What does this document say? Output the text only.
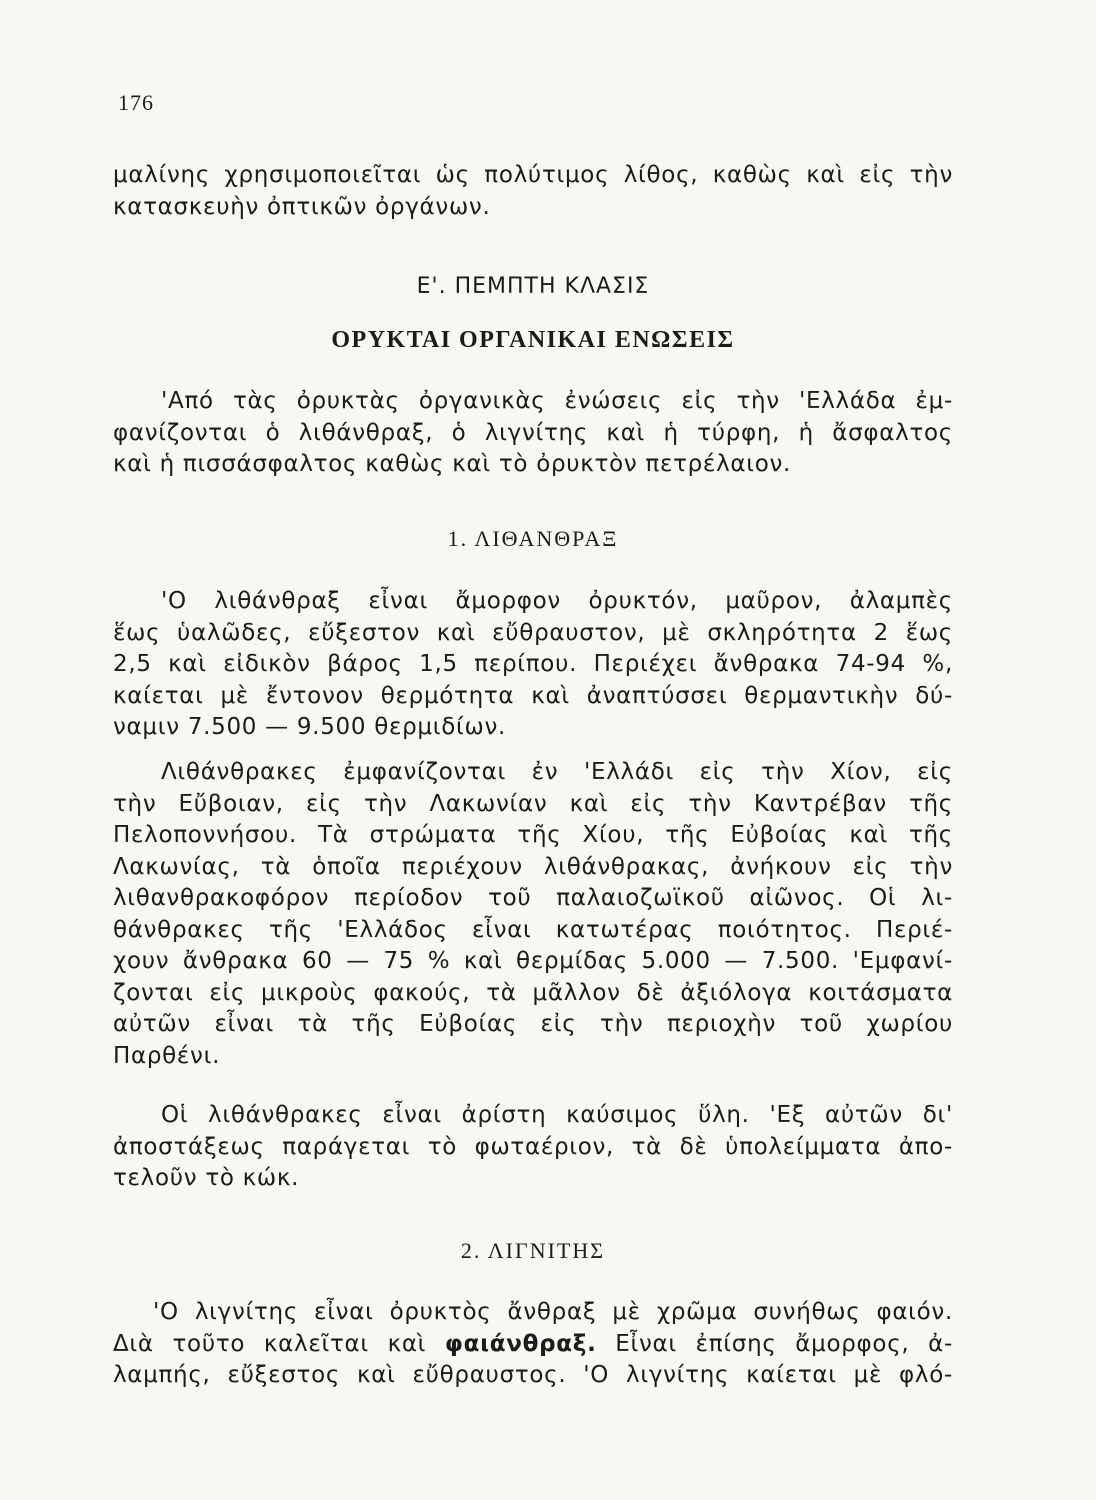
176

μαλίνης χρησιμοποιεῖται ὡς πολύτιμος λίθος, καθὼς καὶ εἰς τὴν
κατασκευὴν ὀπτικῶν ὀργάνων.

Ε'. ΠΕΜΠΤΗ ΚΛΑΣΙΣ
ΟΡΥΚΤΑΙ ΟΡΓΑΝΙΚΑΙ ΕΝΩΣΕΙΣ

'Από τὰς ὀρυκτὰς ὀργανικὰς ἐνώσεις εἰς τὴν 'Ελλάδα ἐμ-
φανίζονται ὁ λιθάνθραξ, ὁ λιγνίτης καὶ ἡ τύρφη, ἡ ἄσφαλτος
καὶ ἡ πισσάσφαλτος καθὼς καὶ τὸ ὀρυκτὸν πετρέλαιον.

1. ΛΙΘΑΝΘΡΑΞ

'Ο λιθάνθραξ εἶναι ἄμορφον ὀρυκτόν, μαῦρον, ἀλαμπὲς
ἕως ὑαλῶδες, εὔξεστον καὶ εὔθραυστον, μὲ σκληρότητα 2 ἕως
2,5 καὶ εἰδικὸν βάρος 1,5 περίπου. Περιέχει ἄνθρακα 74-94 %,
καίεται μὲ ἔντονον θερμότητα καὶ ἀναπτύσσει θερμαντικὴν δύ-
ναμιν 7.500 — 9.500 θερμιδίων.

Λιθάνθρακες ἐμφανίζονται ἐν 'Ελλάδι εἰς τὴν Χίον, εἰς
τὴν Εὔβοιαν, εἰς τὴν Λακωνίαν καὶ εἰς τὴν Καντρέβαν τῆς
Πελοποννήσου. Τὰ στρώματα τῆς Χίου, τῆς Εὐβοίας καὶ τῆς
Λακωνίας, τὰ ὁποῖα περιέχουν λιθάνθρακας, ἀνήκουν εἰς τὴν
λιθανθρακοφόρον περίοδον τοῦ παλαιοζωϊκοῦ αἰῶνος. Οἱ λι-
θάνθρακες τῆς 'Ελλάδος εἶναι κατωτέρας ποιότητος. Περιέ-
χουν ἄνθρακα 60 — 75 % καὶ θερμίδας 5.000 — 7.500. 'Εμφανί-
ζονται εἰς μικροὺς φακούς, τὰ μᾶλλον δὲ ἀξιόλογα κοιτάσματα
αὐτῶν εἶναι τὰ τῆς Εὐβοίας εἰς τὴν περιοχὴν τοῦ χωρίου
Παρθένι.

Οἱ λιθάνθρακες εἶναι ἀρίστη καύσιμος ὕλη. 'Εξ αὐτῶν δι'
ἀποστάξεως παράγεται τὸ φωταέριον, τὰ δὲ ὑπολείμματα ἀπο-
τελοῦν τὸ κώκ.

2. ΛΙΓΝΙΤΗΣ

'Ο λιγνίτης εἶναι ὀρυκτὸς ἄνθραξ μὲ χρῶμα συνήθως φαιόν.
Διὰ τοῦτο καλεῖται καὶ φαιάνθραξ. Εἶναι ἐπίσης ἄμορφος, ἀ-
λαμπής, εὔξεστος καὶ εὔθραυστος. 'Ο λιγνίτης καίεται μὲ φλό-
